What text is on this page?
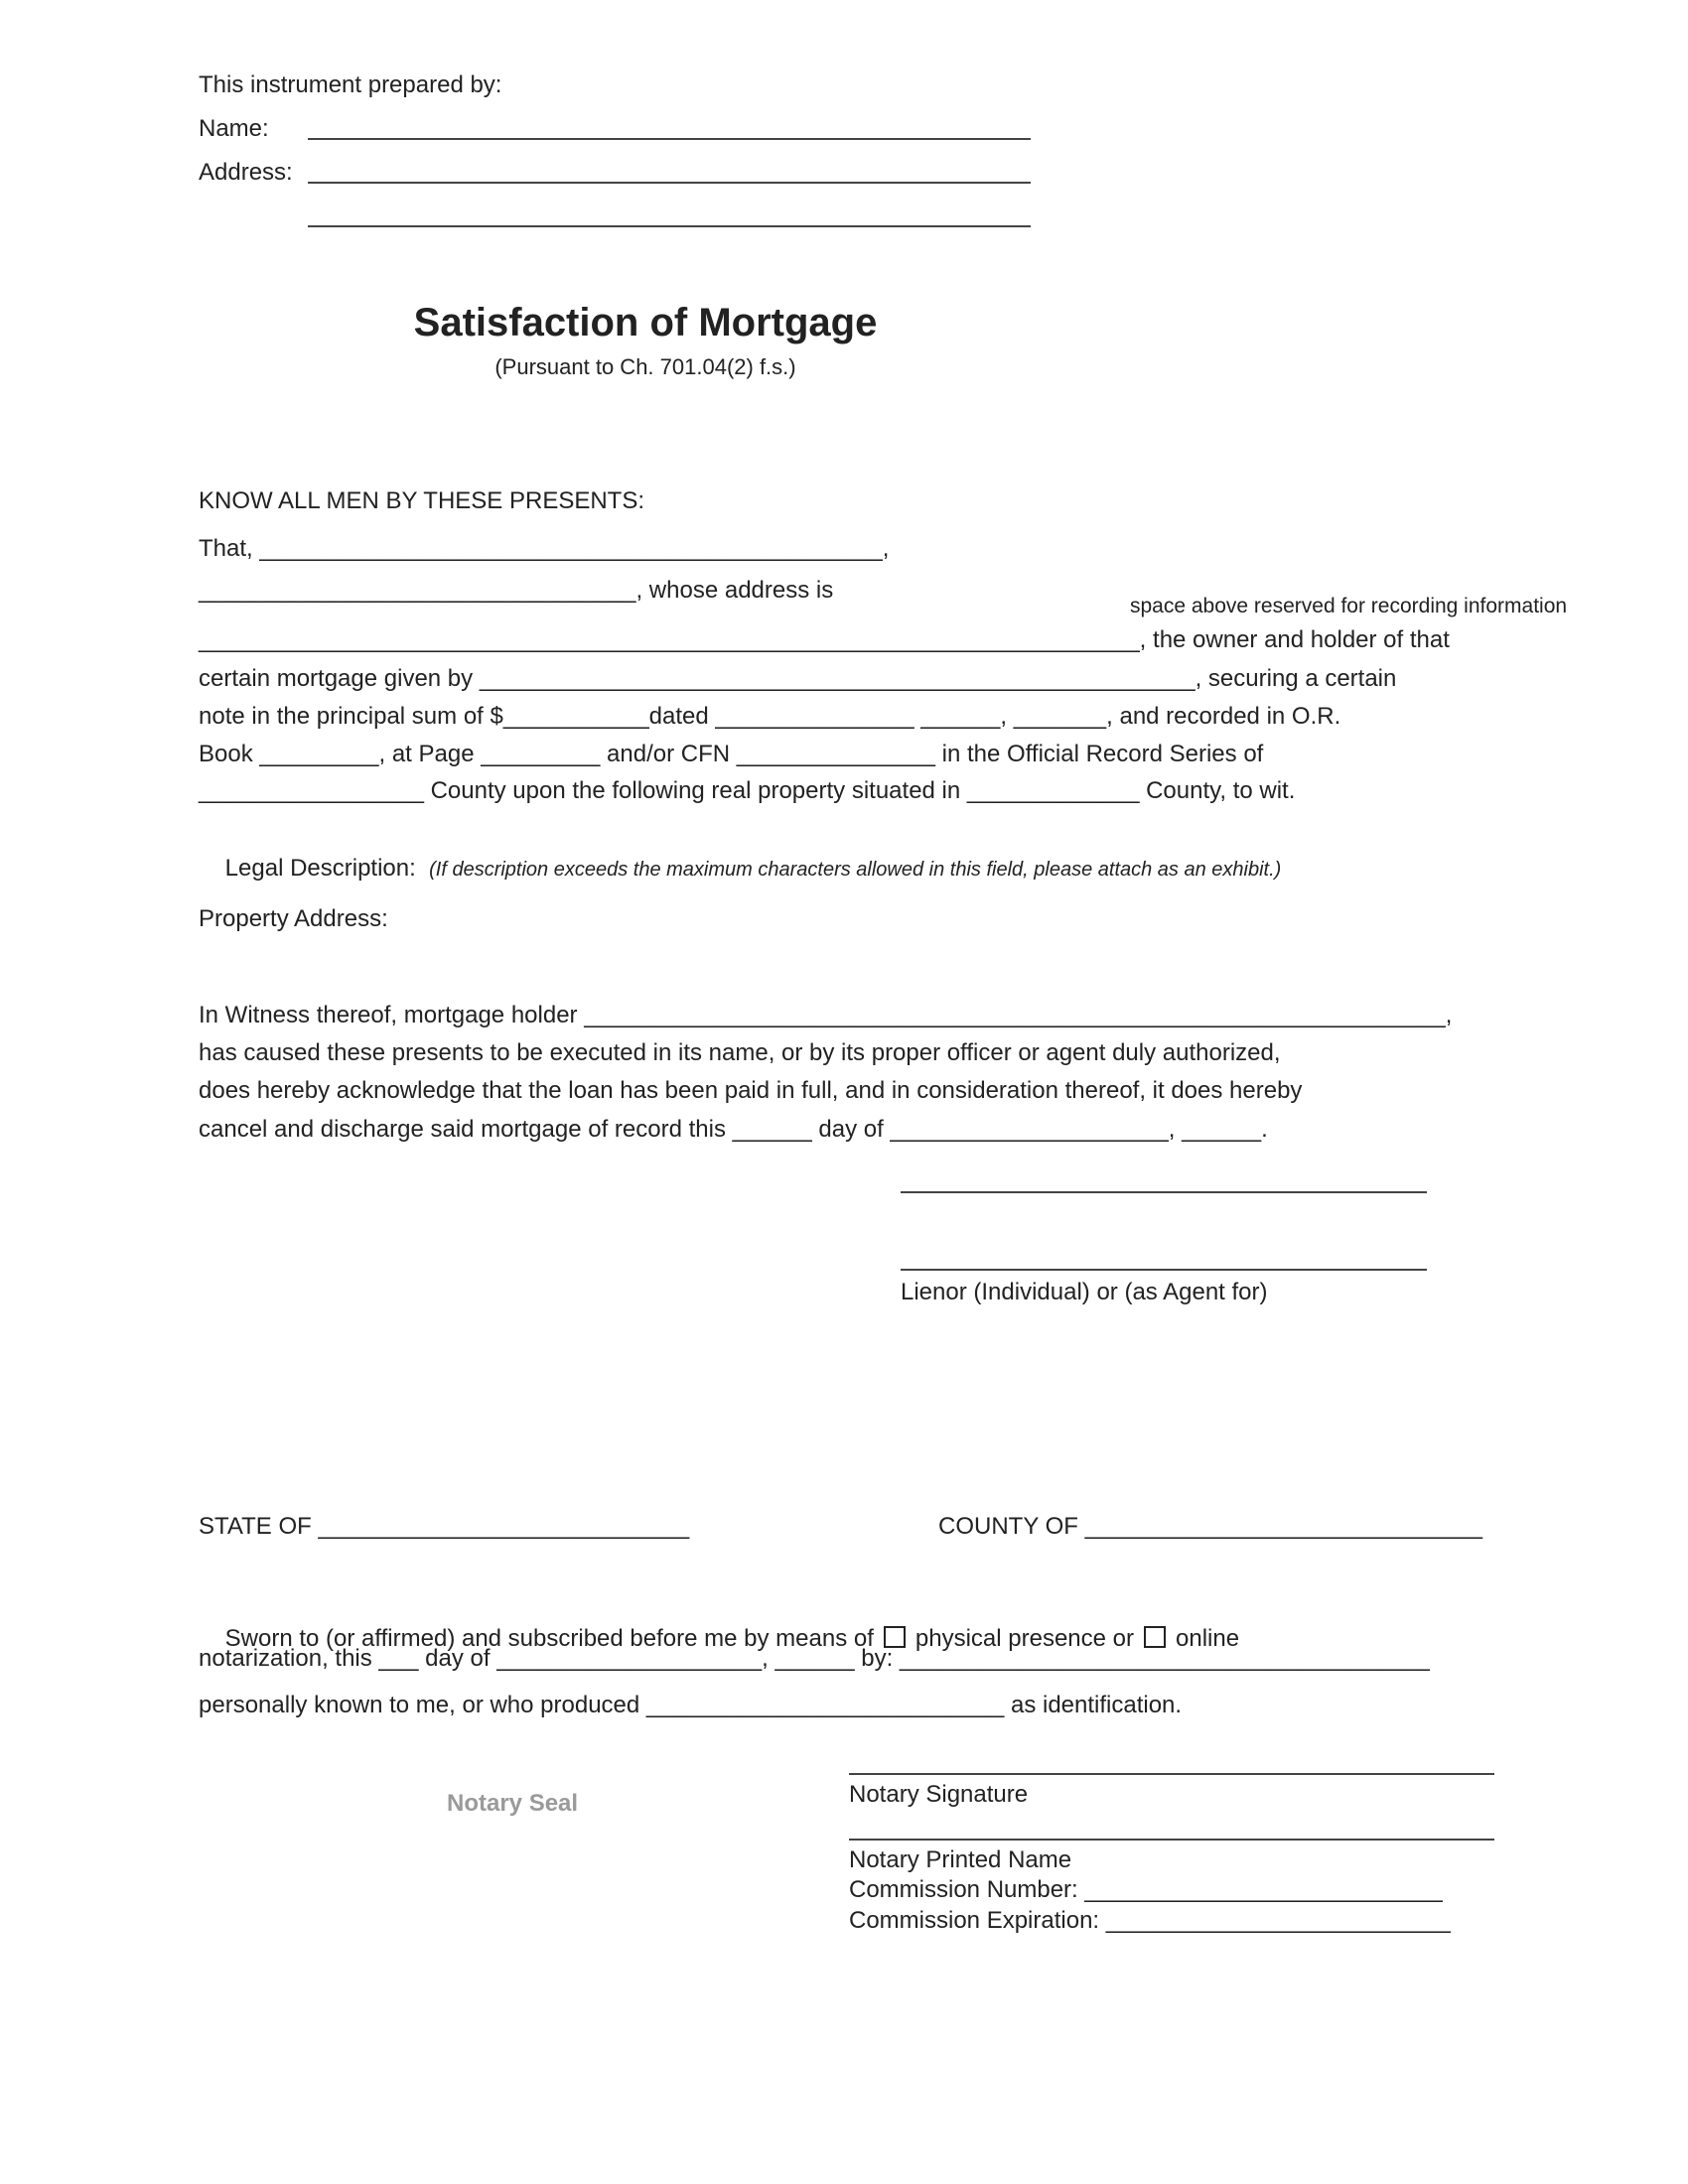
This instrument prepared by:
Name:
Address:
Satisfaction of Mortgage
(Pursuant to Ch. 701.04(2) f.s.)
space above reserved for recording information
KNOW ALL MEN BY THESE PRESENTS:
That, _______________________________________________,
_________________________________, whose address is
_______________________________________________________________________, the owner and holder of that
certain mortgage given by ______________________________________________________, securing a certain
note in the principal sum of $___________dated _______________ ______, _______, and recorded in O.R.
Book _________, at Page _________ and/or CFN _______________ in the Official Record Series of
_________________ County upon the following real property situated in _____________ County, to wit.

Legal Description: (If description exceeds the maximum characters allowed in this field, please attach as an exhibit.)

Property Address:
In Witness thereof, mortgage holder _________________________________________________________________,
has caused these presents to be executed in its name, or by its proper officer or agent duly authorized,
does hereby acknowledge that the loan has been paid in full, and in consideration thereof, it does hereby
cancel and discharge said mortgage of record this ______ day of _____________________, ______.
Lienor (Individual) or (as Agent for)
STATE OF ____________________________	COUNTY OF ______________________________

Sworn to (or affirmed) and subscribed before me by means of physical presence or online

notarization, this ___ day of ____________________, ______ by: ________________________________________
personally known to me, or who produced ___________________________ as identification.
Notary Seal	Notary Signature
Notary Printed Name
Commission Number: ___________________________
Commission Expiration: __________________________
